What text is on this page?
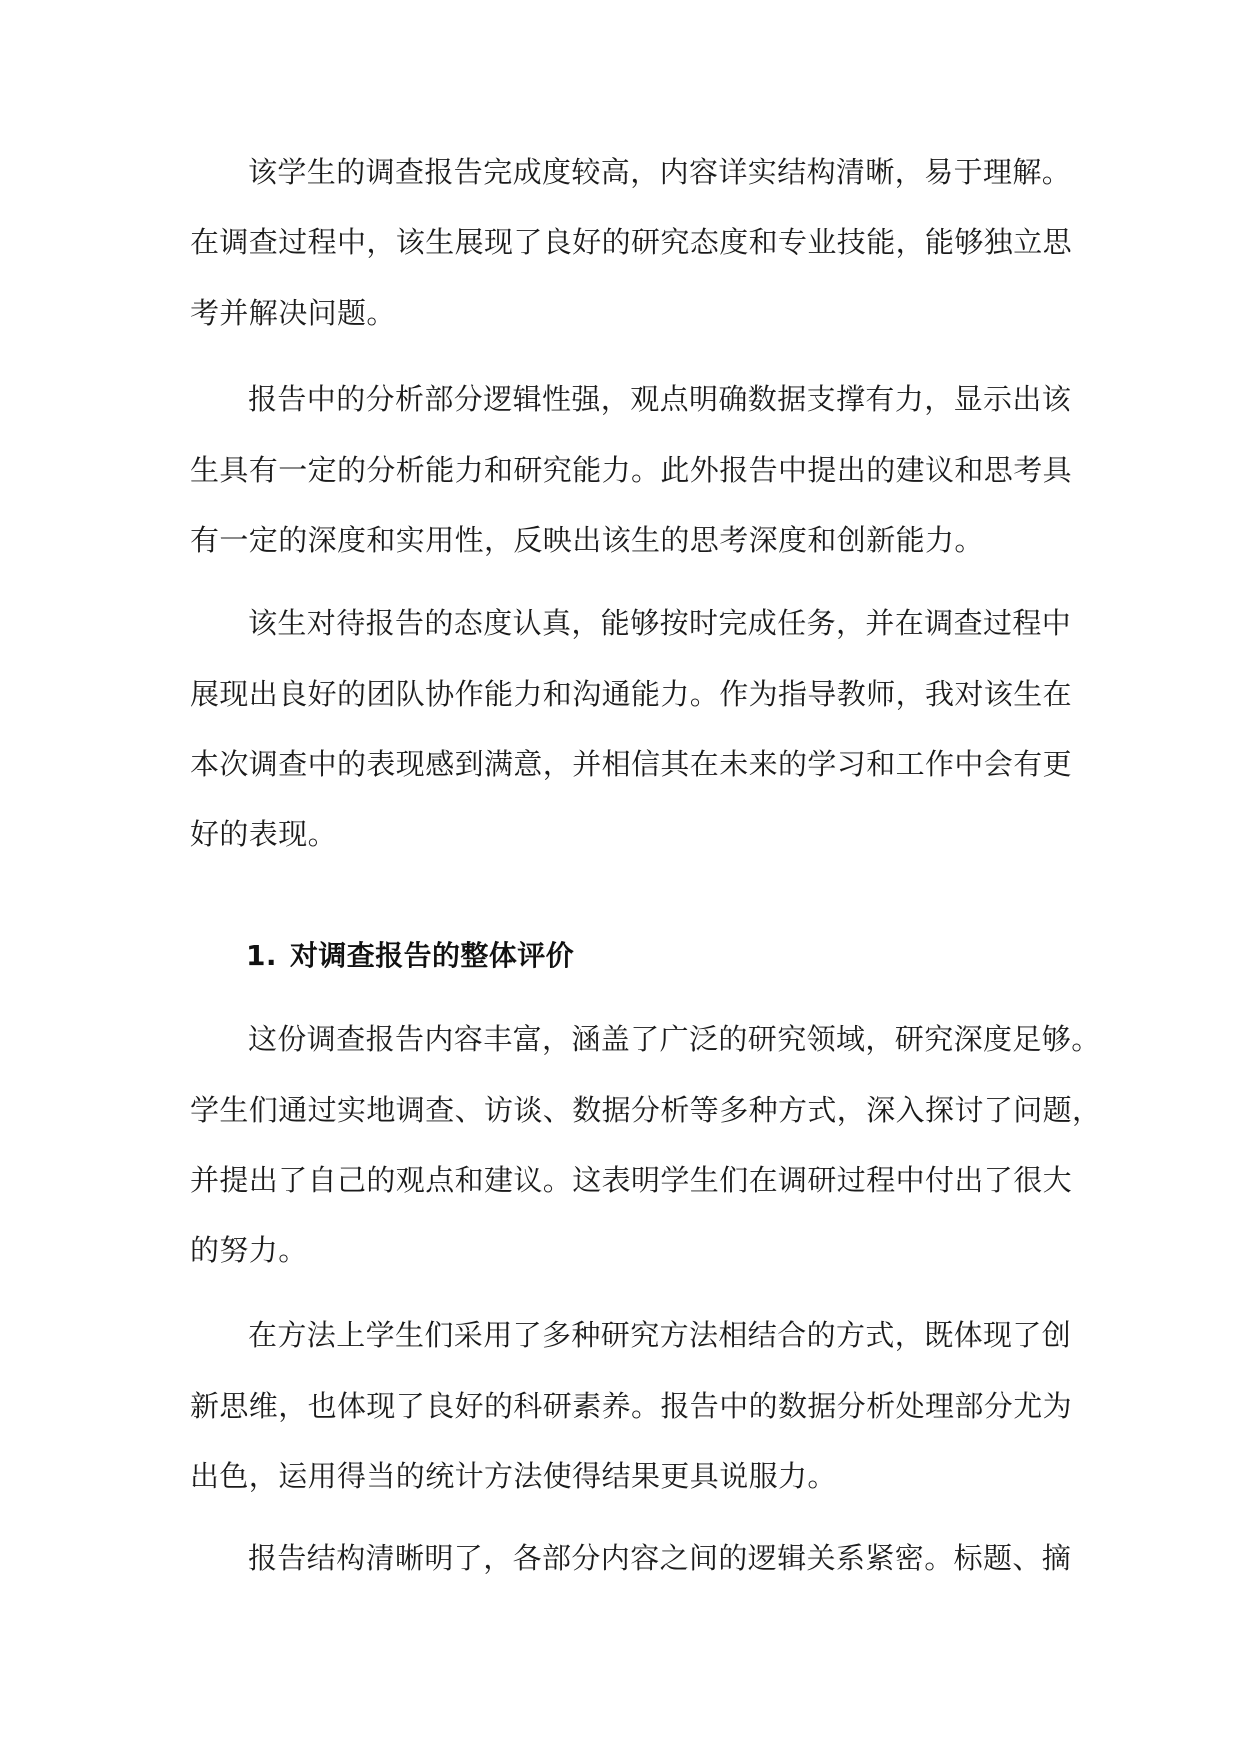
该学生的调查报告完成度较高，内容详实结构清晰，易于理解。
在调查过程中，该生展现了良好的研究态度和专业技能，能够独立思
考并解决问题。
报告中的分析部分逻辑性强，观点明确数据支撑有力，显示出该
生具有一定的分析能力和研究能力。此外报告中提出的建议和思考具
有一定的深度和实用性，反映出该生的思考深度和创新能力。
该生对待报告的态度认真，能够按时完成任务，并在调查过程中
展现出良好的团队协作能力和沟通能力。作为指导教师，我对该生在
本次调查中的表现感到满意，并相信其在未来的学习和工作中会有更
好的表现。
1. 对调查报告的整体评价
这份调查报告内容丰富，涵盖了广泛的研究领域，研究深度足够。
学生们通过实地调查、访谈、数据分析等多种方式，深入探讨了问题，
并提出了自己的观点和建议。这表明学生们在调研过程中付出了很大
的努力。
在方法上学生们采用了多种研究方法相结合的方式，既体现了创
新思维，也体现了良好的科研素养。报告中的数据分析处理部分尤为
出色，运用得当的统计方法使得结果更具说服力。
报告结构清晰明了，各部分内容之间的逻辑关系紧密。标题、摘
